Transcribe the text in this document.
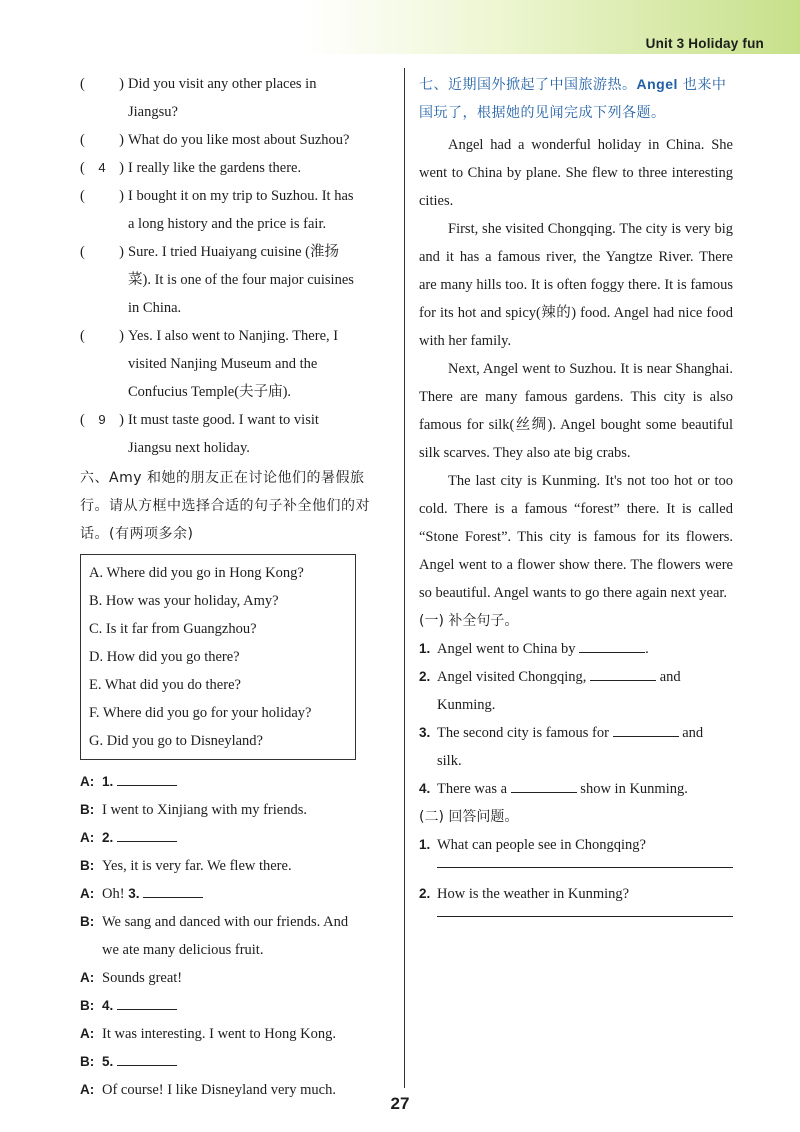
Unit 3 Holiday fun
( ) Did you visit any other places in
Jiangsu?
( ) What do you like most about Suzhou?
(	4 ) I really like the gardens there.
( ) I bought it on my trip to Suzhou. It has
a long history and the price is fair.
( ) Sure. I tried Huaiyang cuisine (淮扬
菜). It is one of the four major cuisines
in China.
( ) Yes. I also went to Nanjing. There, I
visited Nanjing Museum and the
Confucius Temple(夫子庙).
(	9 ) It must taste good. I want to visit
Jiangsu next holiday.
六、Amy 和她的朋友正在讨论他们的暑假旅
行。请从方框中选择合适的句子补全他们的对
话。(有两项多余)
A. Where did you go in Hong Kong?
B. How was your holiday, Amy?
C. Is it far from Guangzhou?
D. How did you go there?
E. What did you do there?
F. Where did you go for your holiday?
G. Did you go to Disneyland?
A: 1.
B: I went to Xinjiang with my friends.
A: 2.
B: Yes, it is very far. We flew there.
A: Oh! 3.
B: We sang and danced with our friends. And
we ate many delicious fruit.
A: Sounds great!
B: 4.
A: It was interesting. I went to Hong Kong.
B: 5.
A: Of course! I like Disneyland very much.
七、近期国外掀起了中国旅游热。Angel 也来中
国玩了，根据她的见闻完成下列各题。

Angel had a wonderful holiday in China. She went to China by plane. She flew to three interesting cities.

First, she visited Chongqing. The city is very big and it has a famous river, the Yangtze River. There are many hills too. It is often foggy there. It is famous for its hot and spicy(辣的) food. Angel had nice food with her family.

Next, Angel went to Suzhou. It is near Shanghai. There are many famous gardens. This city is also famous for silk(丝绸). Angel bought some beautiful silk scarves. They also ate big crabs.

The last city is Kunming. It's not too hot or too cold. There is a famous “forest” there. It is called “Stone Forest”. This city is famous for its flowers. Angel went to a flower show there. The flowers were so beautiful. Angel wants to go there again next year.

(一) 补全句子。
1. Angel went to China by	.
2. Angel visited Chongqing,	and
Kunming.
3. The second city is famous for	and
silk.
4. There was a	show in Kunming.
(二) 回答问题。
1. What can people see in Chongqing?
2. How is the weather in Kunming?
27
